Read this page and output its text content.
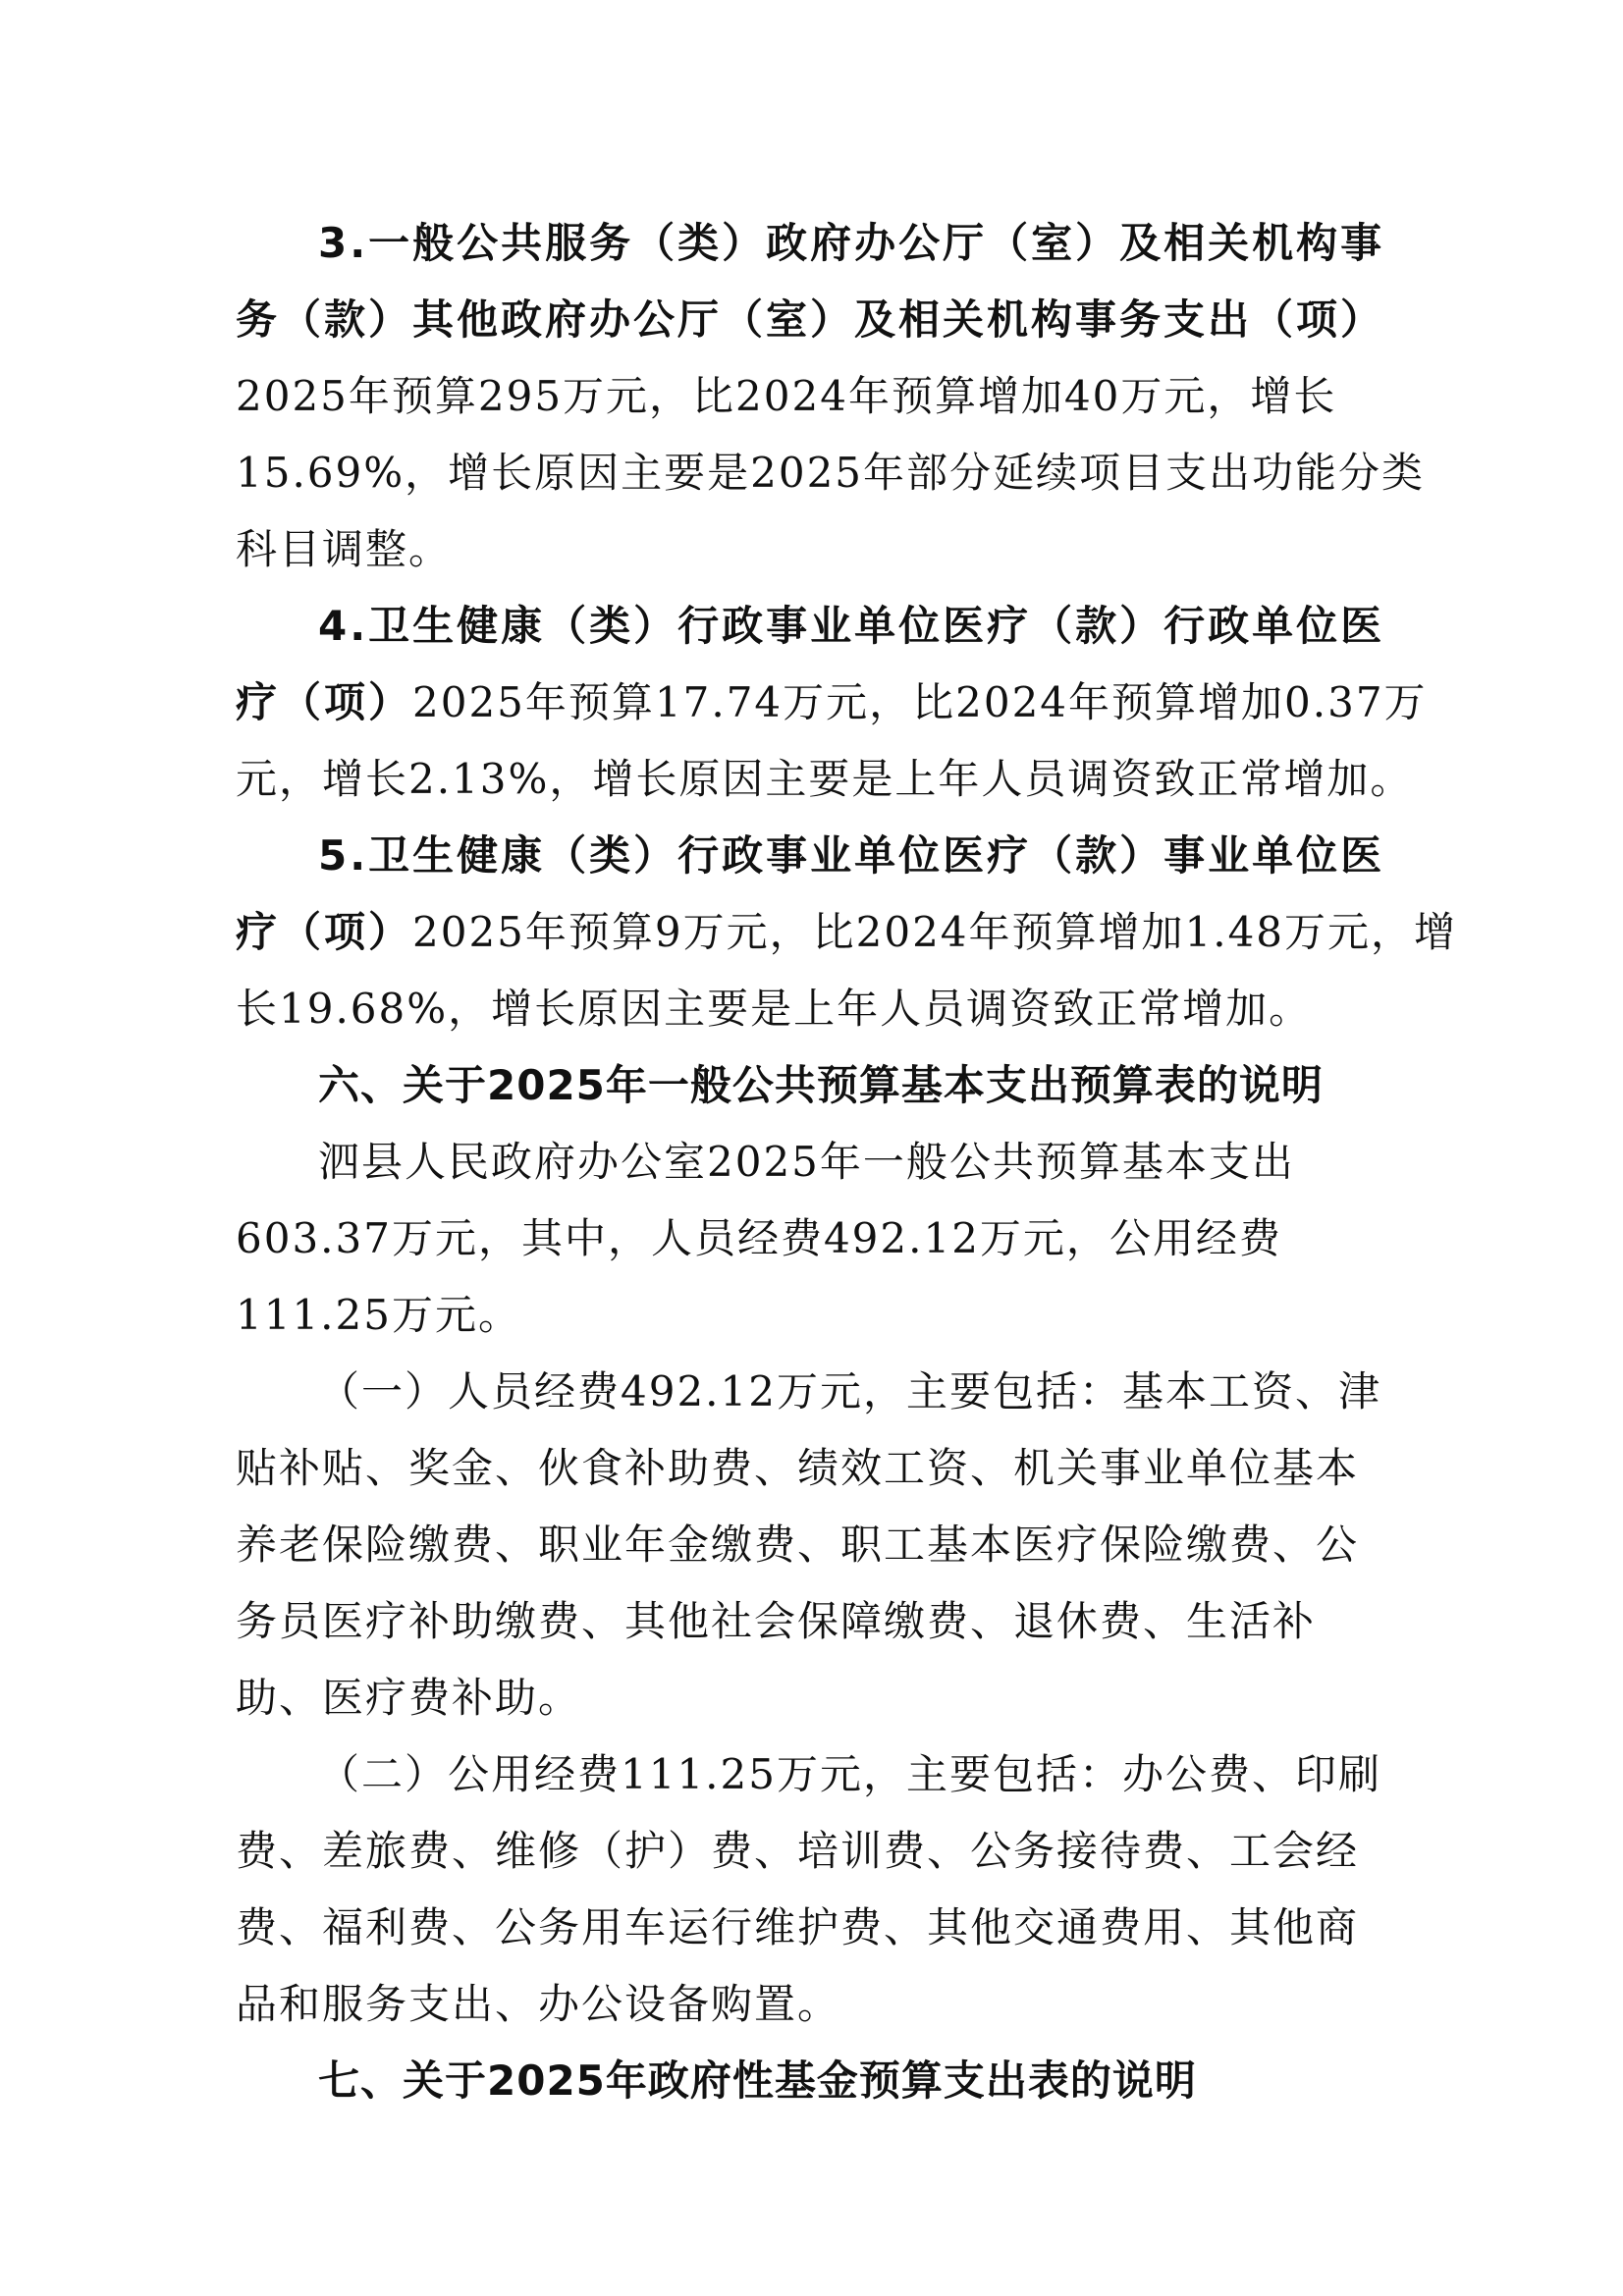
3.一般公共服务（类）政府办公厅（室）及相关机构事
务（款）其他政府办公厅（室）及相关机构事务支出（项）
2025年预算295万元，比2024年预算增加40万元，增长
15.69%，增长原因主要是2025年部分延续项目支出功能分类
科目调整。
4.卫生健康（类）行政事业单位医疗（款）行政单位医
疗（项）2025年预算17.74万元，比2024年预算增加0.37万
元，增长2.13%，增长原因主要是上年人员调资致正常增加。
5.卫生健康（类）行政事业单位医疗（款）事业单位医
疗（项）2025年预算9万元，比2024年预算增加1.48万元，增
长19.68%，增长原因主要是上年人员调资致正常增加。
六、关于2025年一般公共预算基本支出预算表的说明
泗县人民政府办公室2025年一般公共预算基本支出
603.37万元，其中，人员经费492.12万元，公用经费
111.25万元。
（一）人员经费492.12万元，主要包括：基本工资、津
贴补贴、奖金、伙食补助费、绩效工资、机关事业单位基本
养老保险缴费、职业年金缴费、职工基本医疗保险缴费、公
务员医疗补助缴费、其他社会保障缴费、退休费、生活补
助、医疗费补助。
（二）公用经费111.25万元，主要包括：办公费、印刷
费、差旅费、维修（护）费、培训费、公务接待费、工会经
费、福利费、公务用车运行维护费、其他交通费用、其他商
品和服务支出、办公设备购置。
七、关于2025年政府性基金预算支出表的说明
